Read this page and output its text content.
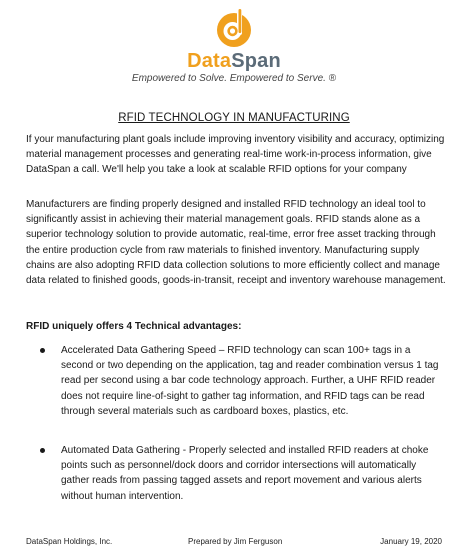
DataSpan
Empowered to Solve. Empowered to Serve. ®
RFID TECHNOLOGY IN MANUFACTURING

If your manufacturing plant goals include improving inventory visibility and accuracy, optimizing material management processes and generating real-time work-in-process information, give DataSpan a call. We'll help you take a look at scalable RFID options for your company

Manufacturers are finding properly designed and installed RFID technology an ideal tool to significantly assist in achieving their material management goals. RFID stands alone as a superior technology solution to provide automatic, real-time, error free asset tracking through the entire production cycle from raw materials to finished inventory. Manufacturing supply chains are also adopting RFID data collection solutions to more efficiently collect and manage data related to finished goods, goods-in-transit, receipt and inventory warehouse management.

RFID uniquely offers 4 Technical advantages:
Accelerated Data Gathering Speed – RFID technology can scan 100+ tags in a second or two depending on the application, tag and reader combination versus 1 tag read per second using a bar code technology approach. Further, a UHF RFID reader does not require line-of-sight to gather tag information, and RFID tags can be read through several materials such as cardboard boxes, plastics, etc.
Automated Data Gathering - Properly selected and installed RFID readers at choke points such as personnel/dock doors and corridor intersections will automatically gather reads from passing tagged assets and report movement and various alerts without human intervention.
DataSpan Holdings, Inc.	Prepared by Jim Ferguson	January 19, 2020
